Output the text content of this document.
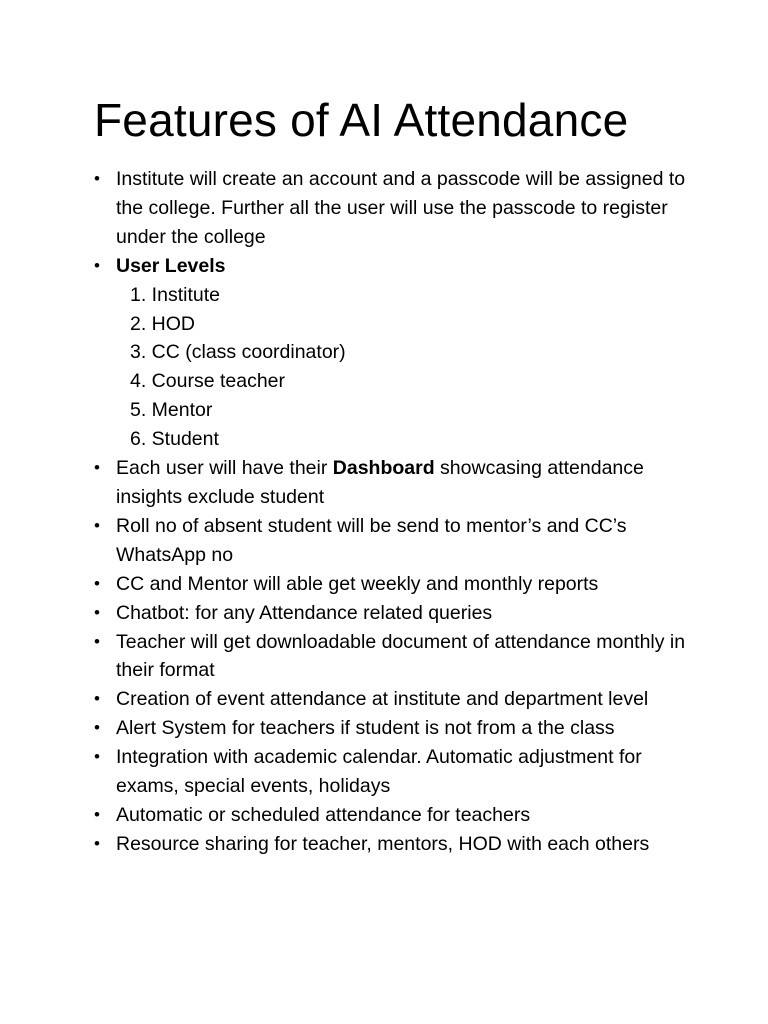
Features of AI Attendance
• Institute will create an account and a passcode will be assigned to the college. Further all the user will use the passcode to register under the college
• User Levels
1. Institute
2. HOD
3. CC (class coordinator)
4. Course teacher
5. Mentor
6. Student
• Each user will have their Dashboard showcasing attendance insights exclude student
• Roll no of absent student will be send to mentor’s and CC’s WhatsApp no
• CC and Mentor will able get weekly and monthly reports
• Chatbot: for any Attendance related queries
• Teacher will get downloadable document of attendance monthly in their format
• Creation of event attendance at institute and department level
• Alert System for teachers if student is not from a the class
• Integration with academic calendar. Automatic adjustment for exams, special events, holidays
• Automatic or scheduled attendance for teachers
• Resource sharing for teacher, mentors, HOD with each others
